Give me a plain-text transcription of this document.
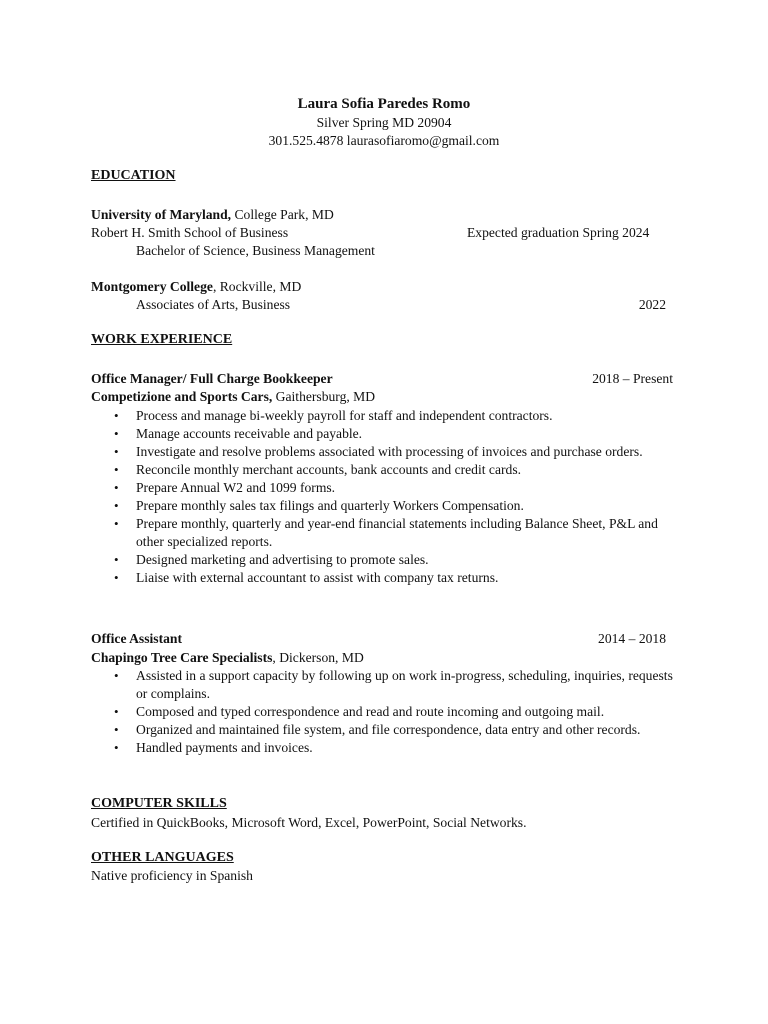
Laura Sofia Paredes Romo
Silver Spring MD 20904
301.525.4878 laurasofiaromo@gmail.com
EDUCATION
University of Maryland, College Park, MD
Robert H. Smith School of Business	Expected graduation Spring 2024
Bachelor of Science, Business Management
Montgomery College, Rockville, MD
Associates of Arts, Business	2022
WORK EXPERIENCE
Office Manager/ Full Charge Bookkeeper	2018 – Present
Competizione and Sports Cars, Gaithersburg, MD
• Process and manage bi-weekly payroll for staff and independent contractors.
• Manage accounts receivable and payable.
• Investigate and resolve problems associated with processing of invoices and purchase orders.
• Reconcile monthly merchant accounts, bank accounts and credit cards.
• Prepare Annual W2 and 1099 forms.
• Prepare monthly sales tax filings and quarterly Workers Compensation.
• Prepare monthly, quarterly and year-end financial statements including Balance Sheet, P&L and other specialized reports.
• Designed marketing and advertising to promote sales.
• Liaise with external accountant to assist with company tax returns.
Office Assistant	2014 – 2018
Chapingo Tree Care Specialists, Dickerson, MD
• Assisted in a support capacity by following up on work in-progress, scheduling, inquiries, requests or complains.
• Composed and typed correspondence and read and route incoming and outgoing mail.
• Organized and maintained file system, and file correspondence, data entry and other records.
• Handled payments and invoices.
COMPUTER SKILLS
Certified in QuickBooks, Microsoft Word, Excel, PowerPoint, Social Networks.
OTHER LANGUAGES
Native proficiency in Spanish
